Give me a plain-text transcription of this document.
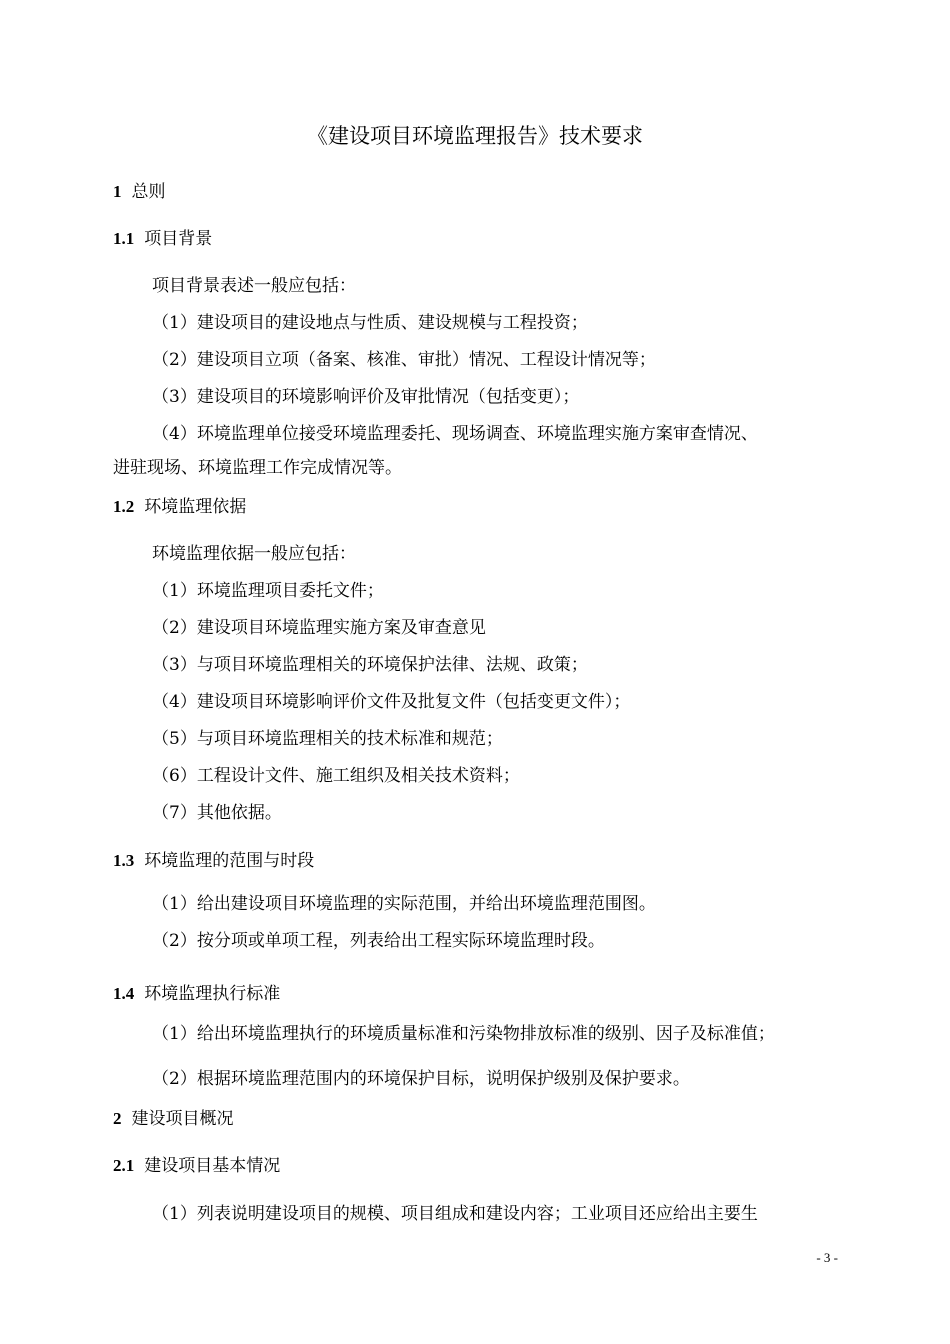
《建设项目环境监理报告》技术要求
1 总则
1.1 项目背景
项目背景表述一般应包括：
（1）建设项目的建设地点与性质、建设规模与工程投资；
（2）建设项目立项（备案、核准、审批）情况、工程设计情况等；
（3）建设项目的环境影响评价及审批情况（包括变更）；
（4）环境监理单位接受环境监理委托、现场调查、环境监理实施方案审查情况、
进驻现场、环境监理工作完成情况等。
1.2 环境监理依据
环境监理依据一般应包括：
（1）环境监理项目委托文件；
（2）建设项目环境监理实施方案及审查意见
（3）与项目环境监理相关的环境保护法律、法规、政策；
（4）建设项目环境影响评价文件及批复文件（包括变更文件）；
（5）与项目环境监理相关的技术标准和规范；
（6）工程设计文件、施工组织及相关技术资料；
（7）其他依据。
1.3 环境监理的范围与时段
（1）给出建设项目环境监理的实际范围，并给出环境监理范围图。
（2）按分项或单项工程，列表给出工程实际环境监理时段。
1.4 环境监理执行标准
（1）给出环境监理执行的环境质量标准和污染物排放标准的级别、因子及标准值；
（2）根据环境监理范围内的环境保护目标，说明保护级别及保护要求。
2 建设项目概况
2.1 建设项目基本情况
（1）列表说明建设项目的规模、项目组成和建设内容；工业项目还应给出主要生
- 3 -
